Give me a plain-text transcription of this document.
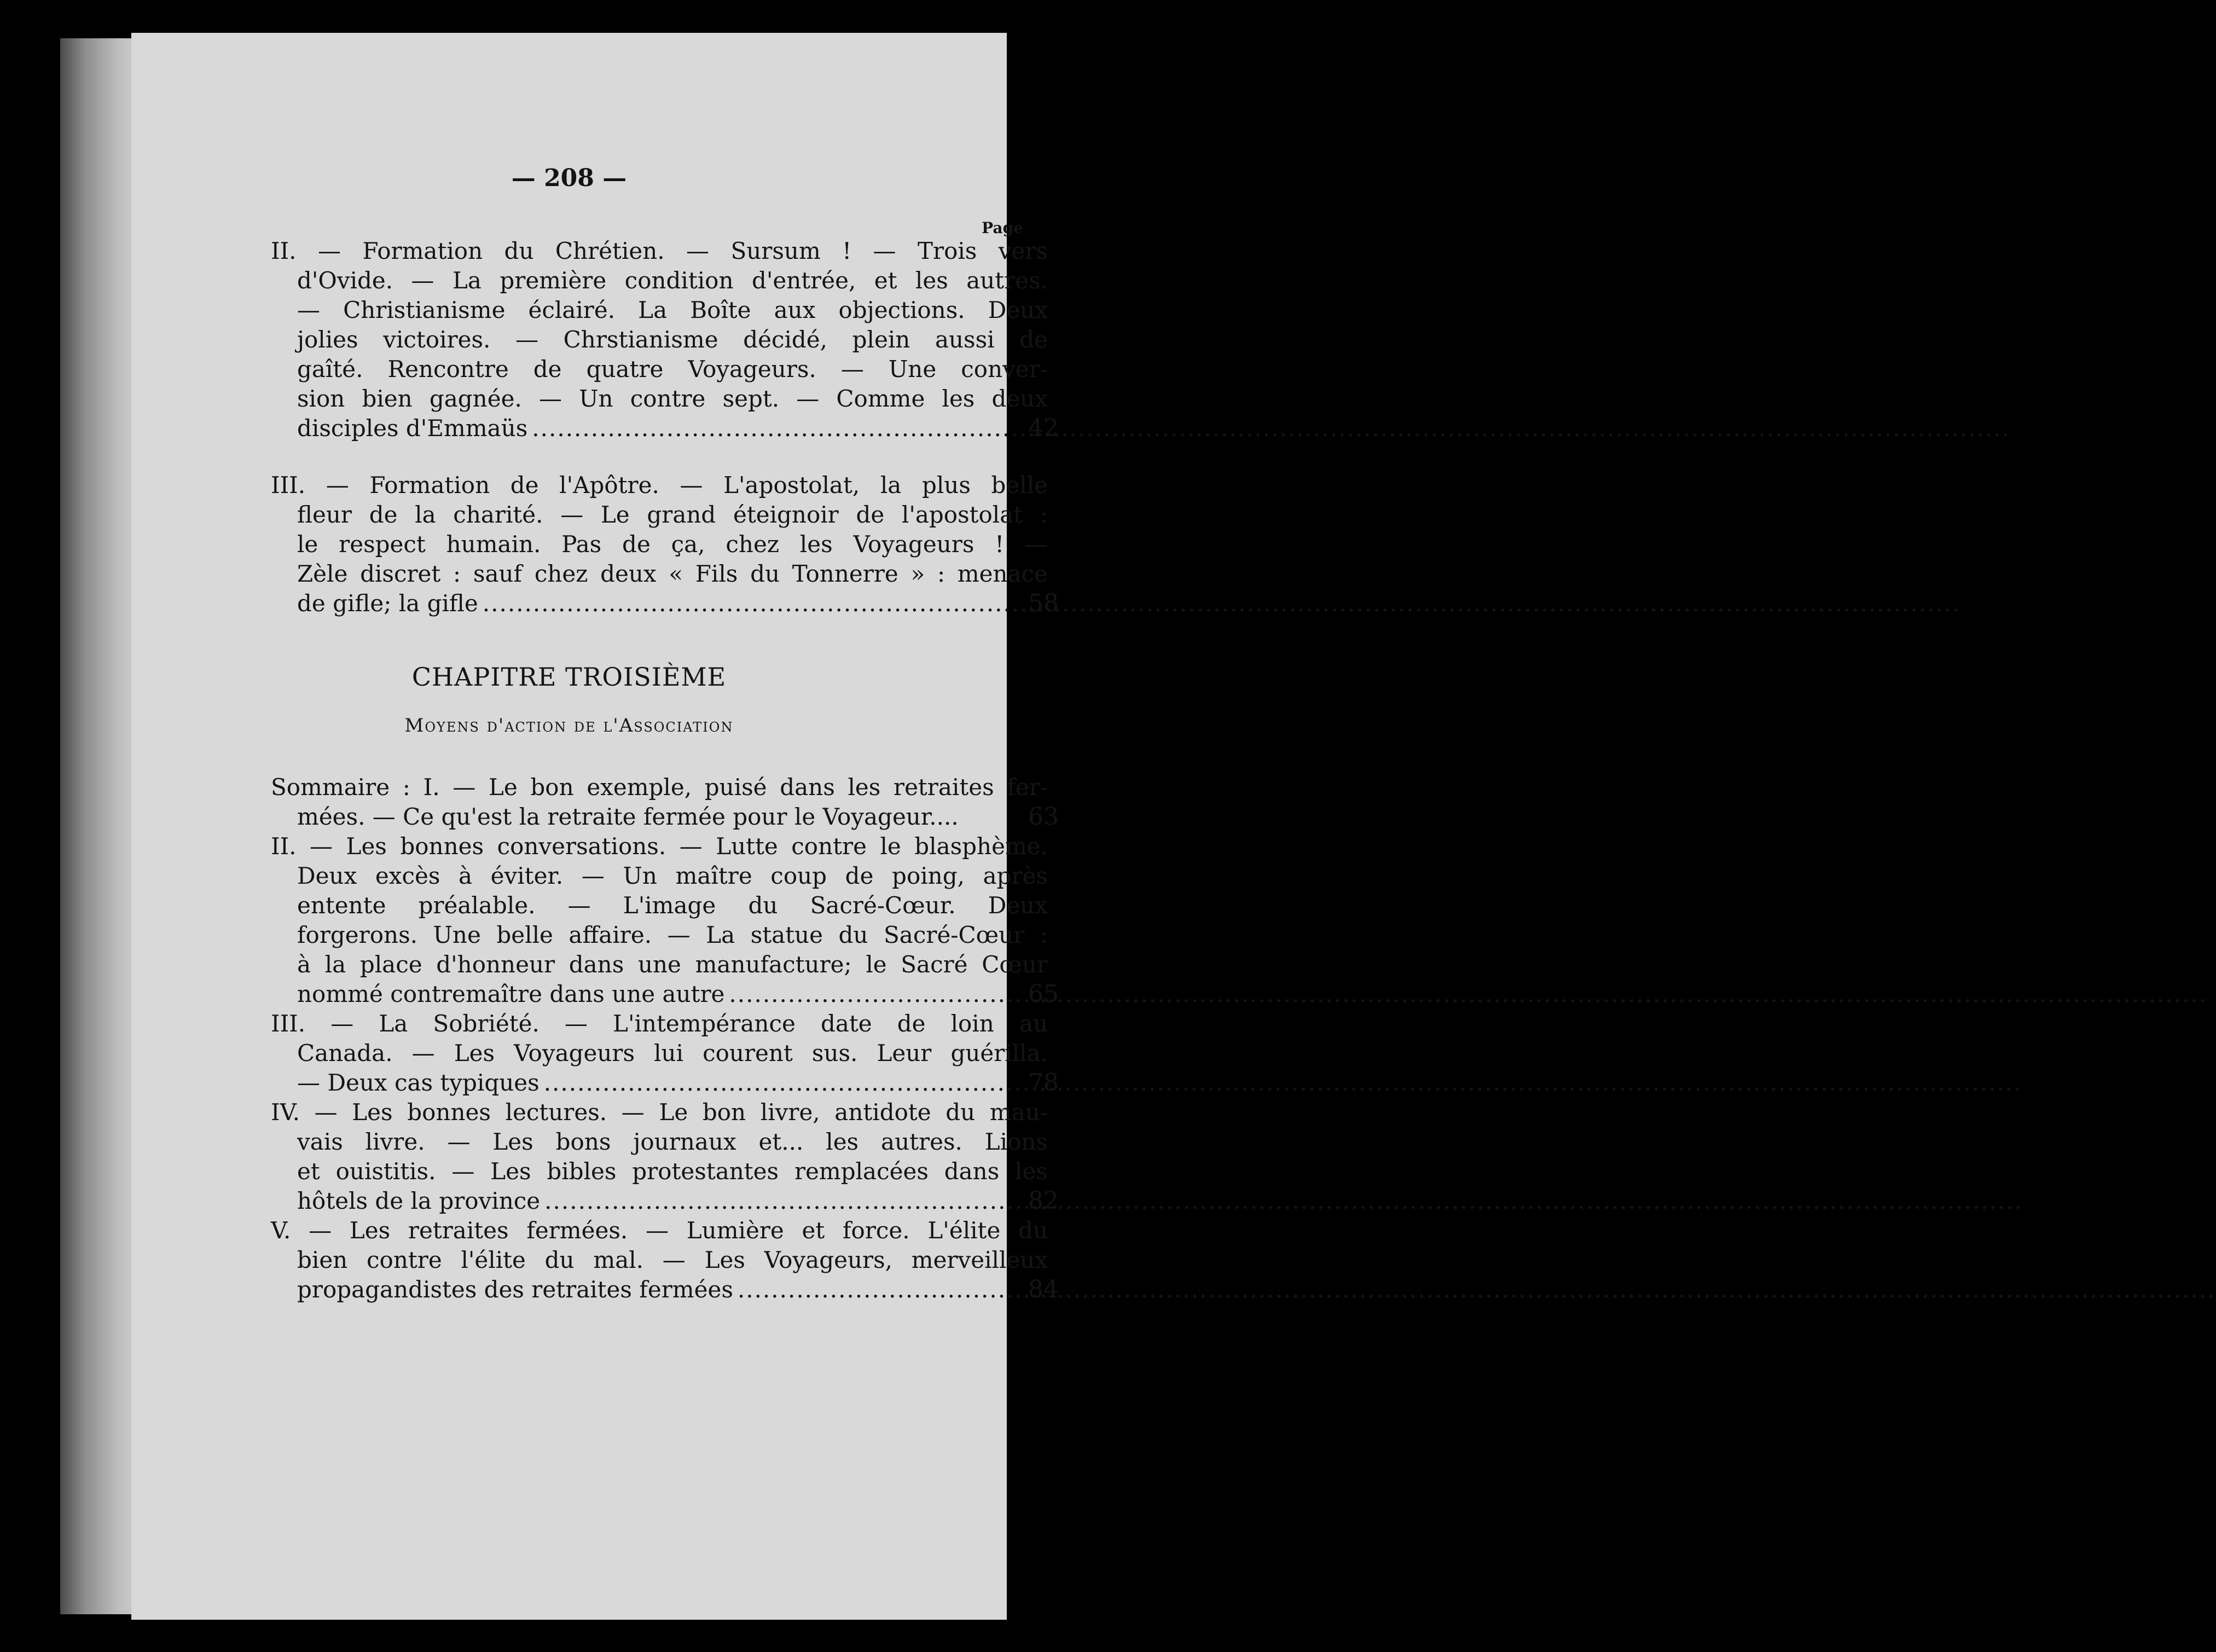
— 208 —
Page
II. — Formation du Chrétien. — Sursum ! — Trois vers
d'Ovide. — La première condition d'entrée, et les autres.
— Christianisme éclairé. La Boîte aux objections. Deux
jolies victoires. — Chrstianisme décidé, plein aussi de
gaîté. Rencontre de quatre Voyageurs. — Une conver-
sion bien gagnée. — Un contre sept. — Comme les deux
disciples d'Emmaüs .....	42
III. — Formation de l'Apôtre. — L'apostolat, la plus belle
fleur de la charité. — Le grand éteignoir de l'apostolat :
le respect humain. Pas de ça, chez les Voyageurs ! —
Zèle discret : sauf chez deux « Fils du Tonnerre » : menace
de gifle; la gifle .....	58
CHAPITRE TROISIÈME
Moyens d'action de l'Association
Sommaire : I. — Le bon exemple, puisé dans les retraites fer-
mées. — Ce qu'est la retraite fermée pour le Voyageur....	63
II. — Les bonnes conversations. — Lutte contre le blasphème.
Deux excès à éviter. — Un maître coup de poing, après
entente préalable. — L'image du Sacré-Cœur. Deux
forgerons. Une belle affaire. — La statue du Sacré-Cœur :
à la place d'honneur dans une manufacture; le Sacré Cœur
nommé contremaître dans une autre .....	65
III. — La Sobriété. — L'intempérance date de loin au
Canada. — Les Voyageurs lui courent sus. Leur guérilla.
— Deux cas typiques .....	78
IV. — Les bonnes lectures. — Le bon livre, antidote du mau-
vais livre. — Les bons journaux et... les autres. Lions
et ouistitis. — Les bibles protestantes remplacées dans les
hôtels de la province .....	82
V. — Les retraites fermées. — Lumière et force. L'élite du
bien contre l'élite du mal. — Les Voyageurs, merveilleux
propagandistes des retraites fermées .....	84
